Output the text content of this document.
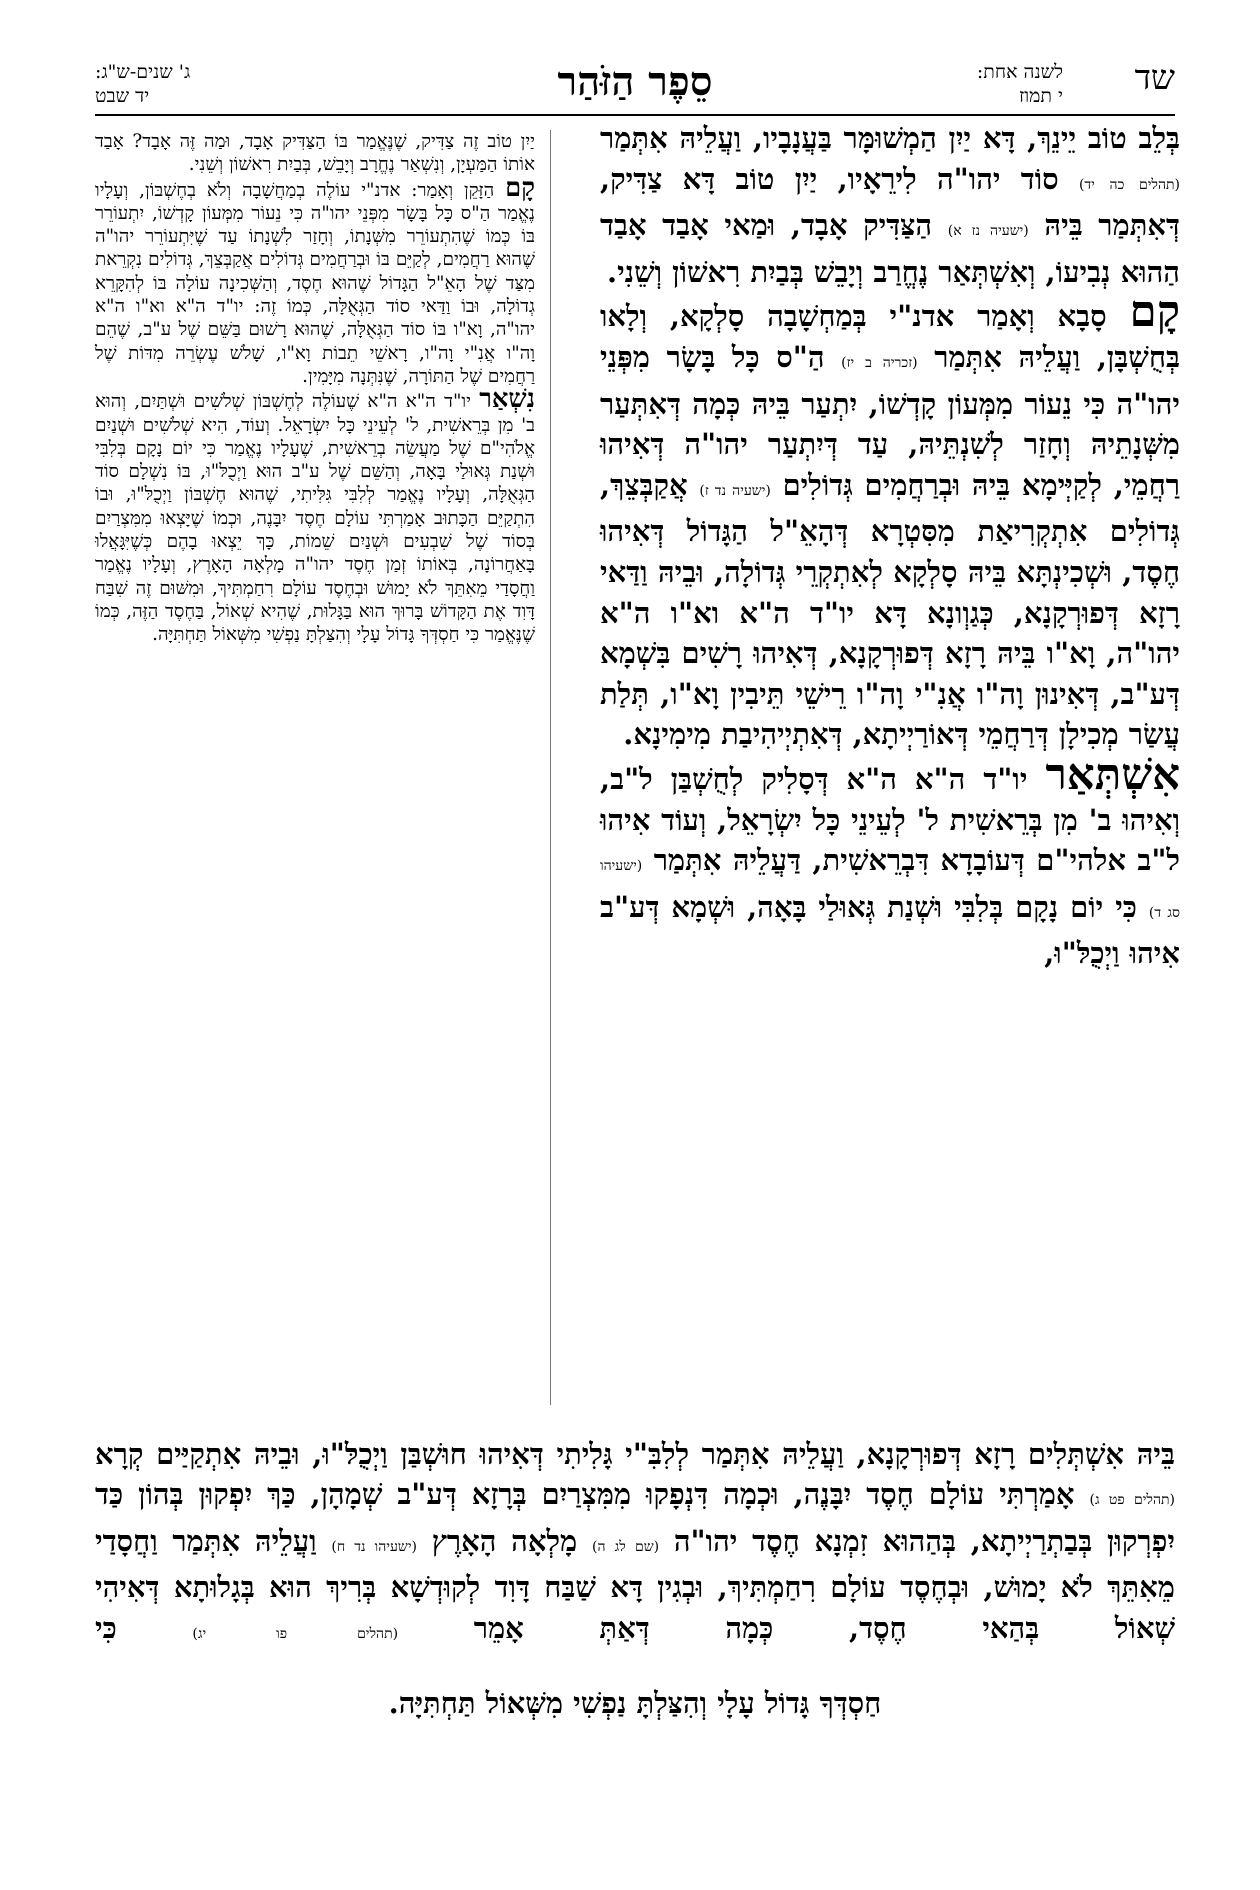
שד
לשנה אחת:
י תמוז
סֵפֶר הַזֹּהַר
ג' שנים-ש"ג:
יד שבט

בְּלֵב טוֹב יֵינֵךְ, דָּא יַיִן הַמְשׁוּמָּר בַּעֲנָבָיו, וַעֲלֵיהּ אִתְּמַר (תהלים כה יד) סוֹד יהו"ה לִירֵאָיו, יַיִן טוֹב דָּא צַדִּיק, דְּאִתְּמַר בֵּיהּ (ישעיה נז א) הַצַּדִּיק אָבָד, וּמַאי אָבַד אָבַד הַהוּא נְבִיעוֹ, וְאִשְׁתְּאַר נֶחֱרַב וְיָבֵשׁ בְּבַיִת רִאשׁוֹן וְשֵׁנִי.

קָם סָבָא וְאָמַר אדנ"י בְּמַחְשָׁבָה סָלְקָא, וְלָאו בְּחֻשְׁבָּן, וַעֲלֵיהּ אִתְּמַר (זכריה ב יז) הַ"ס כָּל בָּשָׂר מִפְּנֵי יהו"ה כִּי נֵעוֹר מִמְּעוֹן קָדְשׁוֹ, יִתְעַר בֵּיהּ כְּמָה דְּאִתְּעַר מִשְּׁנָתֵיהּ וְחָזַר לְשִׁנְתֵּיהּ, עַד דְּיִתְעַר יהו"ה דְּאִיהוּ רַחֲמֵי, לְקַיְּימָא בֵּיהּ וּבְרַחֲמִים גְּדוֹלִים (ישעיה נד ז) אֲקַבְּצֵךְ, גְּדוֹלִים אִתְקְרִיאַת מִסִּטְרָא דְּהָאֵ"ל הַגָּדוֹל דְּאִיהוּ חֶסֶד, וּשְׁכִינְתָּא בֵּיהּ סָלְקָא לְאִתְקְרֵי גְּדוֹלָה, וּבֵיהּ וַדַּאי רָזָא דְּפוּרְקָנָא, כְּגַוְונָא דָּא יו"ד ה"א וא"ו ה"א יהו"ה, וָא"ו בֵּיהּ רָזָא דְּפוּרְקָנָא, דְּאִיהוּ רָשִׁים בִּשְׁמָא דְּע"ב, דְּאִינוּן וָה"ו אֲנִ"י וָה"ו רֵישֵׁי תֵּיבִין וָא"ו, תְּלַת עֲשַׂר מְכִילָן דְּרַחֲמֵי דְּאוֹרַיְיתָא, דְּאִתְיְיהִיבַת מִימִינָא.

אִשְׁתְּאַר יו"ד ה"א ה"א דְּסָלִיק לְחֻשְׁבַּן ל"ב, וְאִיהוּ ב' מִן בְּרֵאשִׁית ל' לְעֵינֵי כָּל יִשְׂרָאֵל, וְעוֹד אִיהוּ ל"ב אלהי"ם דְּעוֹבָדָא דִּבְרֵאשִׁית, דַּעֲלֵיהּ אִתְּמַר (ישעיהו סג ד) כִּי יוֹם נָקָם בְּלִבִּי וּשְׁנַת גְּאוּלַי בָּאָה, וּשְׁמָא דְּע"ב אִיהוּ וַיְכֻלּ"וּ,

יַיִן טוֹב זֶה צַדִּיק, שֶׁנֶּאֱמַר בּוֹ הַצַּדִּיק אָבָד, וּמַה זֶּה אָבָד? אָבַד אוֹתוֹ הַמַּעְיָן, וְנִשְׁאַר נֶחֱרָב וְיָבֵשׁ, בְּבַיִת רִאשׁוֹן וְשֵׁנִי.

קָם הַזָּקֵן וְאָמַר: אדנ"י עוֹלֶה בְמַחֲשָׁבָה וְלֹא בְחֶשְׁבּוֹן, וְעָלָיו נֶאֱמַר הַ"ס כָּל בָּשָׂר מִפְּנֵי יהו"ה כִּי נֵעוֹר מִמְּעוֹן קָדְשׁוֹ, יִתְעוֹרֵר בּוֹ כְּמוֹ שֶׁהִתְעוֹרֵר מִשְּׁנָתוֹ, וְחָזַר לִשְׁנָתוֹ עַד שֶׁיִּתְעוֹרֵר יהו"ה שֶׁהוּא רַחֲמִים, לְקַיֵּם בּוֹ וּבְרַחֲמִים גְּדוֹלִים אֲקַבְּצֵךְ, גְּדוֹלִים נִקְרֵאת מִצַּד שֶׁל הָאֵ"ל הַגָּדוֹל שֶׁהוּא חֶסֶד, וְהַשְּׁכִינָה עוֹלָה בּוֹ לְהִקָּרֵא גְדוֹלָה, וּבוֹ וַדַּאי סוֹד הַגְּאֻלָּה, כְּמוֹ זֶה: יו"ד ה"א וא"ו ה"א יהו"ה, וָא"ו בּוֹ סוֹד הַגְּאֻלָּה, שֶׁהוּא רָשׁוּם בַּשֵּׁם שֶׁל ע"ב, שֶׁהֵם וָה"ו אֲנִ"י וָה"ו, רָאשֵׁי תֵבוֹת וָא"ו, שָׁלֹשׁ עֶשְׂרֵה מִדּוֹת שֶׁל רַחֲמִים שֶׁל הַתּוֹרָה, שֶׁנִּתְּנָה מִיָּמִין.

נִשְׁאַר יו"ד ה"א ה"א שֶׁעוֹלֶה לְחֶשְׁבּוֹן שְׁלֹשִׁים וּשְׁתַּיִם, וְהוּא ב' מִן בְּרֵאשִׁית, ל' לְעֵינֵי כָּל יִשְׂרָאֵל. וְעוֹד, הִיא שְׁלֹשִׁים וּשְׁנַיִם אֱלֹהִי"ם שֶׁל מַעֲשֵׂה בְרֵאשִׁית, שֶׁעָלָיו נֶאֱמַר כִּי יוֹם נָקָם בְּלִבִּי וּשְׁנַת גְּאוּלַי בָּאָה, וְהַשֵּׁם שֶׁל ע"ב הוּא וַיְכֻלּ"וּ, בּוֹ נִשְׁלָם סוֹד הַגְּאֻלָּה, וְעָלָיו נֶאֱמַר לְלִבִּי גִּלִּיתִי, שֶׁהוּא חֶשְׁבּוֹן וַיְכֻלּ"וּ, וּבוֹ הִתְקַיֵּם הַכָּתוּב אָמַרְתִּי עוֹלָם חֶסֶד יִבָּנֶה, וּכְמוֹ שֶׁיָּצְאוּ מִמִּצְרַיִם בְּסוֹד שֶׁל שִׁבְעִים וּשְׁנַיִם שֵׁמוֹת, כָּךְ יֵצְאוּ בָהֶם כְּשֶׁיִּגָּאֲלוּ בָּאַחֲרוֹנָה, בְּאוֹתוֹ זְמַן חֶסֶד יהו"ה מָלְאָה הָאָרֶץ, וְעָלָיו נֶאֱמַר וַחֲסָדַי מֵאִתֵּךְ לֹא יָמוּשׁ וּבְחֶסֶד עוֹלָם רִחַמְתִּיךְ, וּמִשּׁוּם זֶה שִׁבַּח דָּוִד אֶת הַקָּדוֹשׁ בָּרוּךְ הוּא בַּגָּלוּת, שֶׁהִיא שְׁאוֹל, בַּחֶסֶד הַזֶּה, כְּמוֹ שֶׁנֶּאֱמַר כִּי חַסְדְּךָ גָּדוֹל עָלָי וְהִצַּלְתָּ נַפְשִׁי מִשְּׁאוֹל תַּחְתִּיָּה.

בֵּיהּ אִשְׁתְּלִים רָזָא דְּפוּרְקָנָא, וַעֲלֵיהּ אִתְּמַר לְלִבִּ"י גָּלִיתִי דְּאִיהוּ חוּשְׁבַּן וַיְכֻלּ"וּ, וּבֵיהּ אִתְקַיַּים קְרָא (תהלים פט ג) אָמַרְתִּי עוֹלָם חֶסֶד יִבָּנֶה, וּכְמָה דִּנְפָקוּ מִמִּצְרַיִם בְּרָזָא דְּע"ב שְׁמָהָן, כַּךְ יִפְקוּן בְּהוֹן כַּד יִפְרְקוּן בְּבַתְרַיְיתָא, בְּהַהוּא זִמְנָא חֶסֶד יהו"ה (שם לג ה) מָלְאָה הָאָרֶץ (ישעיהו נד ח) וַעֲלֵיהּ אִתְּמַר וַחֲסָדַי מֵאִתֵּךְ לֹא יָמוּשׁ, וּבְחֶסֶד עוֹלָם רִחַמְתִּיךְ, וּבְגִין דָּא שַׁבַּח דָּוִד לְקוּדְשָׁא בְּרִיךְ הוּא בְּגָלוּתָא דְּאִיהִי שְׁאוֹל בְּהַאי חֶסֶד, כְּמָה דְּאַתְּ אָמֵר (תהלים פו יג) כִּי

חַסְדְּךָ גָּדוֹל עָלָי וְהִצַּלְתָּ נַפְשִׁי מִשְּׁאוֹל תַּחְתִּיָּה.
